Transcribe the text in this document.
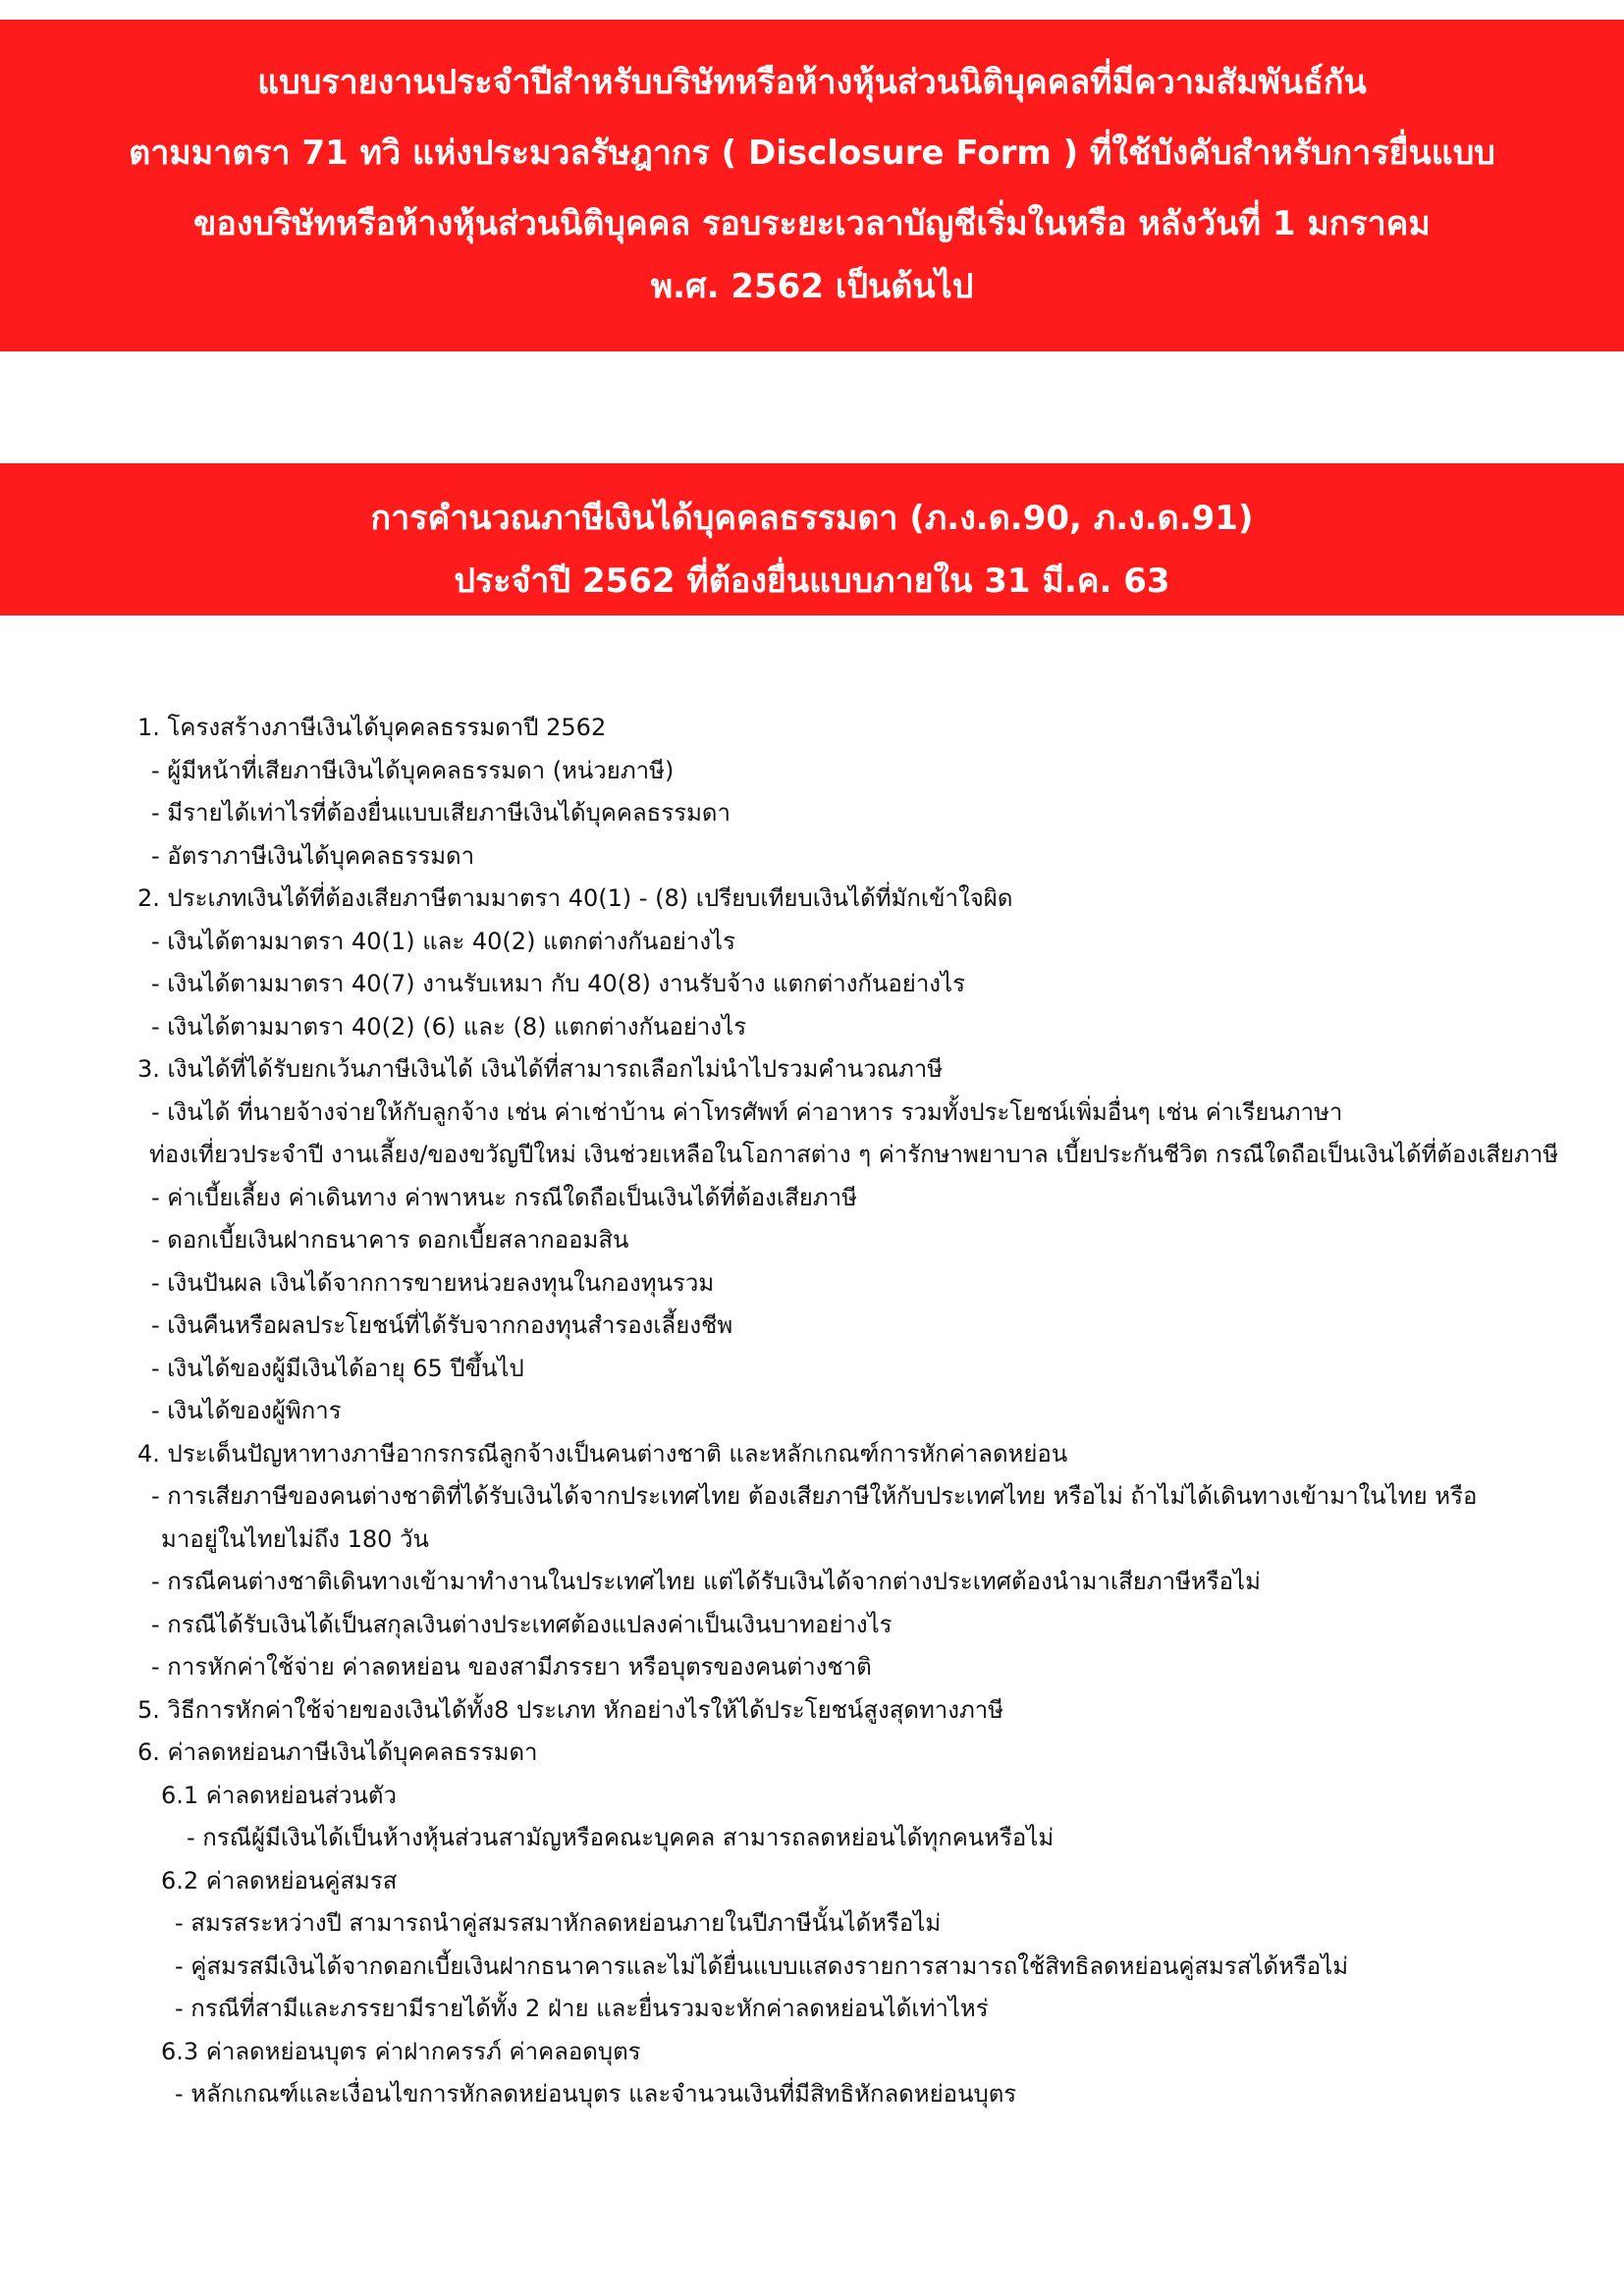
แบบรายงานประจำปีสำหรับบริษัทหรือห้างหุ้นส่วนนิติบุคคลที่มีความสัมพันธ์กัน
ตามมาตรา 71 ทวิ แห่งประมวลรัษฎากร ( Disclosure Form ) ที่ใช้บังคับสำหรับการยื่นแบบ
ของบริษัทหรือห้างหุ้นส่วนนิติบุคคล รอบระยะเวลาบัญชีเริ่มในหรือ หลังวันที่ 1 มกราคม
พ.ศ. 2562 เป็นต้นไป
การคำนวณภาษีเงินได้บุคคลธรรมดา (ภ.ง.ด.90, ภ.ง.ด.91)
ประจำปี 2562 ที่ต้องยื่นแบบภายใน 31 มี.ค. 63
1. โครงสร้างภาษีเงินได้บุคคลธรรมดาปี 2562
- ผู้มีหน้าที่เสียภาษีเงินได้บุคคลธรรมดา (หน่วยภาษี)
- มีรายได้เท่าไรที่ต้องยื่นแบบเสียภาษีเงินได้บุคคลธรรมดา
- อัตราภาษีเงินได้บุคคลธรรมดา
2. ประเภทเงินได้ที่ต้องเสียภาษีตามมาตรา 40(1) - (8) เปรียบเทียบเงินได้ที่มักเข้าใจผิด
- เงินได้ตามมาตรา 40(1) และ 40(2) แตกต่างกันอย่างไร
- เงินได้ตามมาตรา 40(7) งานรับเหมา กับ 40(8) งานรับจ้าง แตกต่างกันอย่างไร
- เงินได้ตามมาตรา 40(2) (6) และ (8) แตกต่างกันอย่างไร
3. เงินได้ที่ได้รับยกเว้นภาษีเงินได้ เงินได้ที่สามารถเลือกไม่นำไปรวมคำนวณภาษี
- เงินได้ ที่นายจ้างจ่ายให้กับลูกจ้าง เช่น ค่าเช่าบ้าน ค่าโทรศัพท์ ค่าอาหาร รวมทั้งประโยชน์เพิ่มอื่นๆ เช่น ค่าเรียนภาษา
ท่องเที่ยวประจำปี งานเลี้ยง/ของขวัญปีใหม่ เงินช่วยเหลือในโอกาสต่าง ๆ ค่ารักษาพยาบาล เบี้ยประกันชีวิต กรณีใดถือเป็นเงินได้ที่ต้องเสียภาษี
- ค่าเบี้ยเลี้ยง ค่าเดินทาง ค่าพาหนะ กรณีใดถือเป็นเงินได้ที่ต้องเสียภาษี
- ดอกเบี้ยเงินฝากธนาคาร ดอกเบี้ยสลากออมสิน
- เงินปันผล เงินได้จากการขายหน่วยลงทุนในกองทุนรวม
- เงินคืนหรือผลประโยชน์ที่ได้รับจากกองทุนสำรองเลี้ยงชีพ
- เงินได้ของผู้มีเงินได้อายุ 65 ปีขึ้นไป
- เงินได้ของผู้พิการ
4. ประเด็นปัญหาทางภาษีอากรกรณีลูกจ้างเป็นคนต่างชาติ และหลักเกณฑ์การหักค่าลดหย่อน
- การเสียภาษีของคนต่างชาติที่ได้รับเงินได้จากประเทศไทย ต้องเสียภาษีให้กับประเทศไทย หรือไม่ ถ้าไม่ได้เดินทางเข้ามาในไทย หรือ
มาอยู่ในไทยไม่ถึง 180 วัน
- กรณีคนต่างชาติเดินทางเข้ามาทำงานในประเทศไทย แต่ได้รับเงินได้จากต่างประเทศต้องนำมาเสียภาษีหรือไม่
- กรณีได้รับเงินได้เป็นสกุลเงินต่างประเทศต้องแปลงค่าเป็นเงินบาทอย่างไร
- การหักค่าใช้จ่าย ค่าลดหย่อน ของสามีภรรยา หรือบุตรของคนต่างชาติ
5. วิธีการหักค่าใช้จ่ายของเงินได้ทั้ง8 ประเภท หักอย่างไรให้ได้ประโยชน์สูงสุดทางภาษี
6. ค่าลดหย่อนภาษีเงินได้บุคคลธรรมดา
6.1 ค่าลดหย่อนส่วนตัว
- กรณีผู้มีเงินได้เป็นห้างหุ้นส่วนสามัญหรือคณะบุคคล สามารถลดหย่อนได้ทุกคนหรือไม่
6.2 ค่าลดหย่อนคู่สมรส
- สมรสระหว่างปี สามารถนำคู่สมรสมาหักลดหย่อนภายในปีภาษีนั้นได้หรือไม่
- คู่สมรสมีเงินได้จากดอกเบี้ยเงินฝากธนาคารและไม่ได้ยื่นแบบแสดงรายการสามารถใช้สิทธิลดหย่อนคู่สมรสได้หรือไม่
- กรณีที่สามีและภรรยามีรายได้ทั้ง 2 ฝ่าย และยื่นรวมจะหักค่าลดหย่อนได้เท่าไหร่
6.3 ค่าลดหย่อนบุตร ค่าฝากครรภ์ ค่าคลอดบุตร
- หลักเกณฑ์และเงื่อนไขการหักลดหย่อนบุตร และจำนวนเงินที่มีสิทธิหักลดหย่อนบุตร
